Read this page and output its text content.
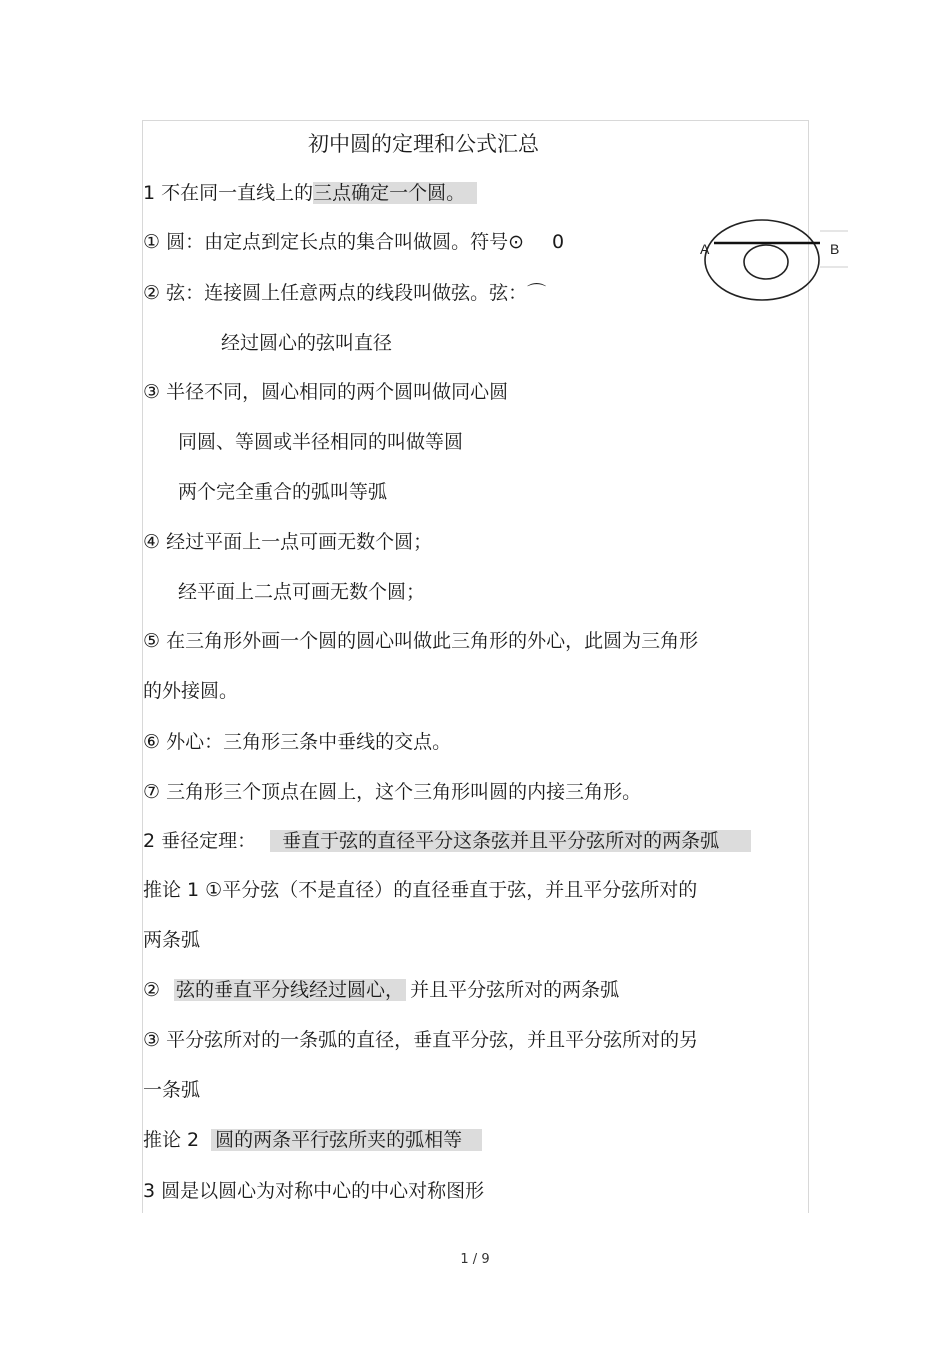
初中圆的定理和公式汇总
1 不在同一直线上的三点确定一个圆。
① 圆：由定点到定长点的集合叫做圆。符号⊙ 0
② 弦：连接圆上任意两点的线段叫做弦。弦：⌒
经过圆心的弦叫直径
③ 半径不同，圆心相同的两个圆叫做同心圆
同圆、等圆或半径相同的叫做等圆
两个完全重合的弧叫等弧
④ 经过平面上一点可画无数个圆；
经平面上二点可画无数个圆；
⑤ 在三角形外画一个圆的圆心叫做此三角形的外心，此圆为三角形
的外接圆。
⑥ 外心：三角形三条中垂线的交点。
⑦ 三角形三个顶点在圆上，这个三角形叫圆的内接三角形。
2 垂径定理： 垂直于弦的直径平分这条弦并且平分弦所对的两条弧
推论 1 ①平分弦（不是直径）的直径垂直于弦，并且平分弦所对的
两条弧
② 弦的垂直平分线经过圆心， 并且平分弦所对的两条弧
③ 平分弦所对的一条弧的直径，垂直平分弦，并且平分弦所对的另
一条弧
推论 2 圆的两条平行弦所夹的弧相等
3 圆是以圆心为对称中心的中心对称图形
A	B
1 / 9
